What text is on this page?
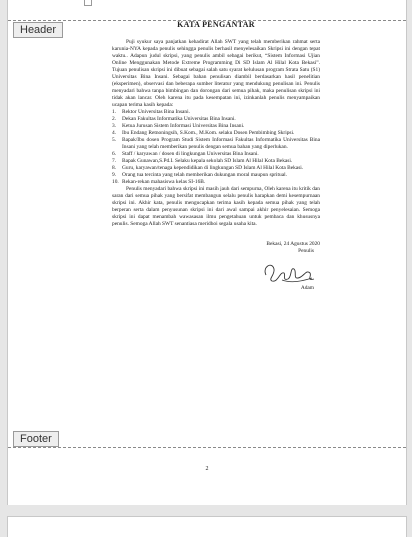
Header	KATA PENGANTAR

Puji syukur saya panjatkan kehadirat Allah SWT yang telah memberikan rahmat serta karunia-NYA kepada penulis sehingga penulis berhasil menyelesaikan Skripsi ini dengan tepat waktu.. Adapun judul skripsi, yang penulis ambil sebagai berikut, “Sistem Informasi Ujian Online Menggunakan Metode Extreme Programming Di SD Islam Al Hilal Kota Bekasi”. Tujuan penulisan skripsi ini dibuat sebagai salah satu syarat kelulusan program Strata Satu (S1) Universitas Bina Insani. Sebagai bahan penulisan diambil berdasarkan hasil penelitian (eksperimen), observasi dan beberapa sumber literatur yang mendukung penulisan ini. Penulis menyadari bahwa tanpa bimbingan dan dorongan dari semua pihak, maka penulisan skripsi ini tidak akan lancar. Oleh karena itu pada kesempatan ini, izinkanlah penulis menyampaikan ucapan terima kasih kepada:

1. Rektor Universitas Bina Insani.
2. Dekan Fakultas Informatika Universitas Bina Insani.
3. Ketua Jurusan Sistem Informasi Universitas Bina Insani.
4. Ibu Endang Retnoningsih, S.Kom., M.Kom. selaku Dosen Pembimbing Skripsi.
5. Bapak/Ibu dosen Program Studi Sistem Informasi Fakultas Informatika Universitas Bina Insani yang telah memberikan penulis dengan semua bahan yang diperlukan.
6. Staff / karyawan / dosen di lingkungan Universitas Bina Insani.
7. Bapak Gunawan,S.Pd.I. Selaku kepala sekolah SD Islam Al Hilal Kota Bekasi.
8. Guru, karyawan/tenaga kependidikan di lingkungan SD Islam Al Hilal Kota Bekasi.
9. Orang tua tercinta yang telah memberikan dukungan moral maupun spritual.
10. Rekan-rekan mahasiswa kelas SI-16B.

Penulis menyadari bahwa skripsi ini masih jauh dari sempurna, Oleh karena itu kritik dan saran dari semua pihak yang bersifat membangun selalu penulis harapkan demi kesempurnaan skripsi ini. Akhir kata, penulis mengucapkan terima kasih kepada semua pihak yang telah berperan serta dalam penyusunan skripsi ini dari awal sampai akhir penyelesaian. Semoga skripsi ini dapat menambah wawasasan ilmu pengetahuan untuk pembaca dan khususnya penulis. Semoga Allah SWT senantiasa meridhoi segala usaha kita.

Bekasi, 24 Agustus 2020
Penulis
Adam
Footer
2
